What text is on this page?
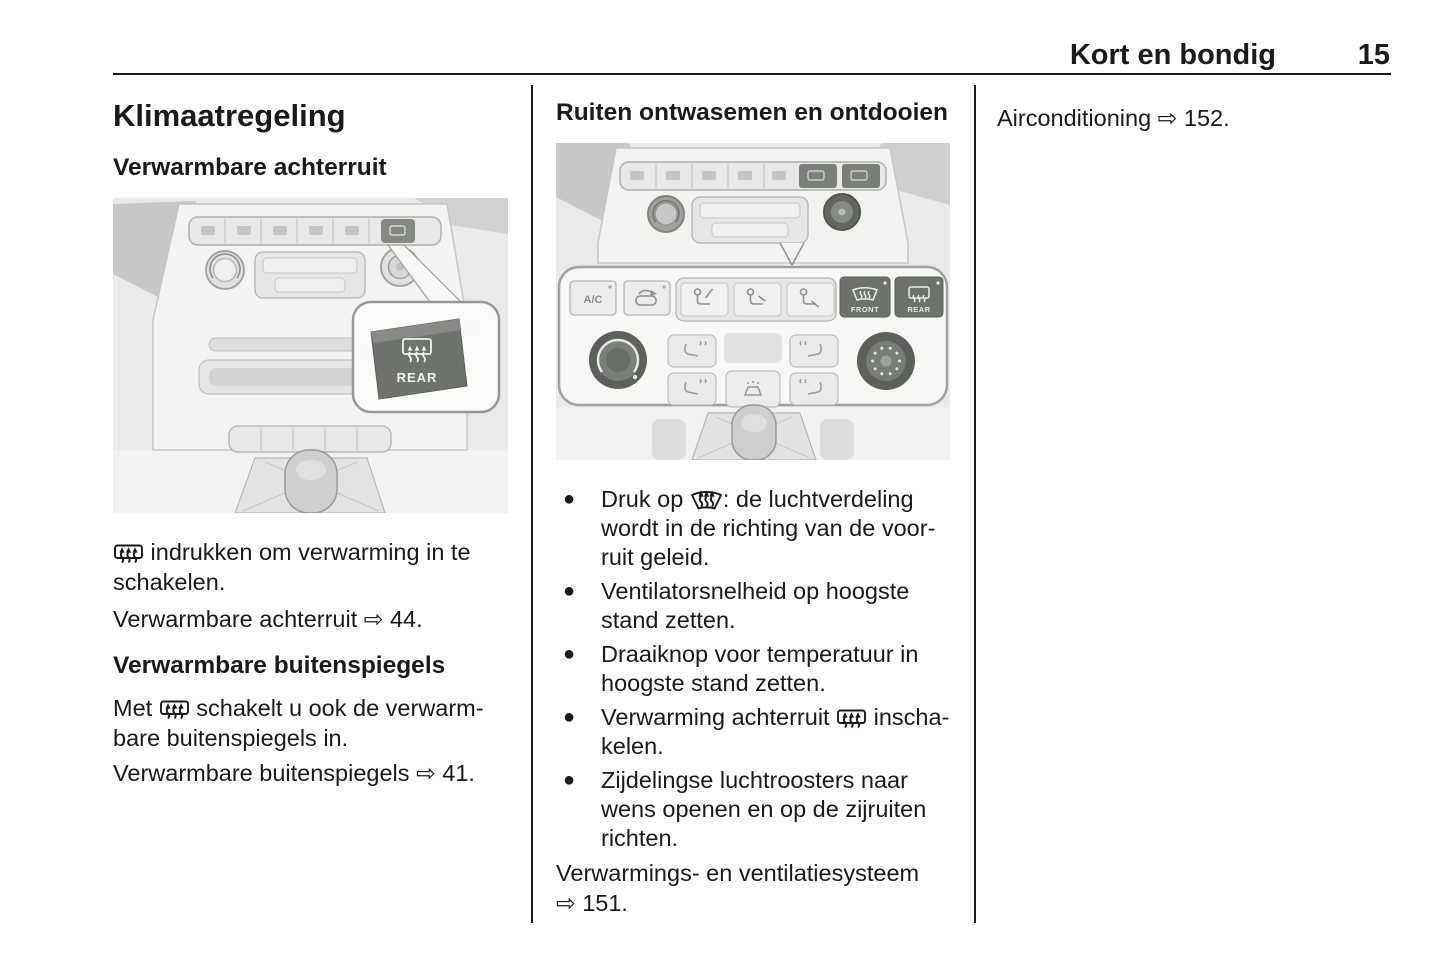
Kort en bondig	15
Klimaatregeling
Verwarmbare achterruit
REAR

indrukken om verwarming in te
schakelen.

Verwarmbare achterruit ⇨ 44.

Verwarmbare buitenspiegels

Met  schakelt u ook de verwarm-
bare buitenspiegels in.

Verwarmbare buitenspiegels ⇨ 41.

Ruiten ontwasemen en ontdooien
A/C
FRONT	REAR
●
Druk op : de luchtverdeling
wordt in de richting van de voor-
ruit geleid.
●
Ventilatorsnelheid op hoogste
stand zetten.
●
Draaiknop voor temperatuur in
hoogste stand zetten.
●
Verwarming achterruit  inscha-
kelen.
●
Zijdelingse luchtroosters naar
wens openen en op de zijruiten
richten.

Verwarmings- en ventilatiesysteem
⇨ 151.

Airconditioning ⇨ 152.
